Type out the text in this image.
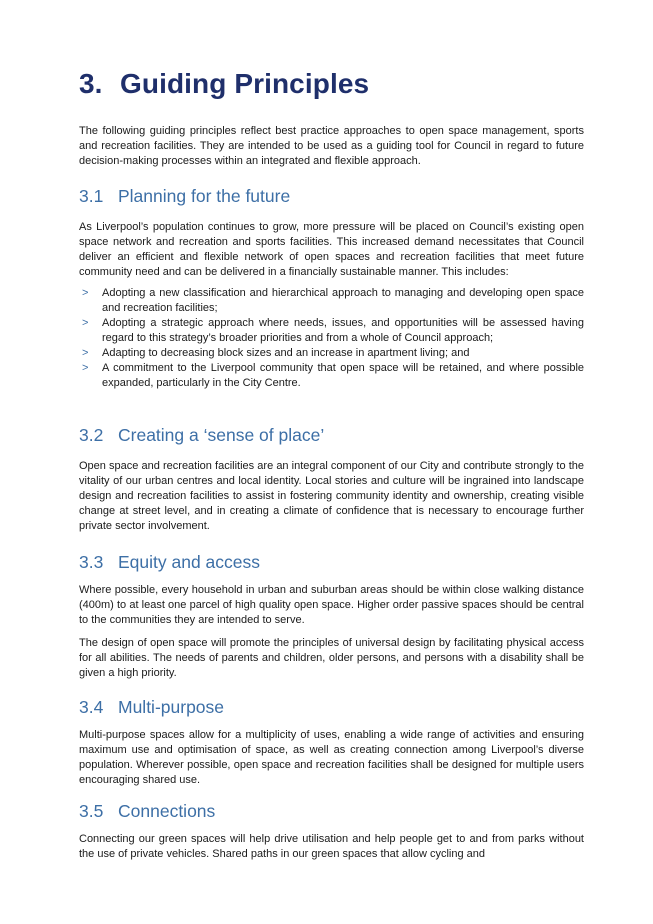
3. Guiding Principles

The following guiding principles reflect best practice approaches to open space management, sports and recreation facilities. They are intended to be used as a guiding tool for Council in regard to future decision-making processes within an integrated and flexible approach.

3.1 Planning for the future

As Liverpool’s population continues to grow, more pressure will be placed on Council’s existing open space network and recreation and sports facilities. This increased demand necessitates that Council deliver an efficient and flexible network of open spaces and recreation facilities that meet future community need and can be delivered in a financially sustainable manner. This includes:

> Adopting a new classification and hierarchical approach to managing and developing open space and recreation facilities;
> Adopting a strategic approach where needs, issues, and opportunities will be assessed having regard to this strategy’s broader priorities and from a whole of Council approach;
> Adapting to decreasing block sizes and an increase in apartment living; and
> A commitment to the Liverpool community that open space will be retained, and where possible expanded, particularly in the City Centre.
3.2 Creating a ‘sense of place’

Open space and recreation facilities are an integral component of our City and contribute strongly to the vitality of our urban centres and local identity. Local stories and culture will be ingrained into landscape design and recreation facilities to assist in fostering community identity and ownership, creating visible change at street level, and in creating a climate of confidence that is necessary to encourage further private sector involvement.

3.3 Equity and access

Where possible, every household in urban and suburban areas should be within close walking distance (400m) to at least one parcel of high quality open space. Higher order passive spaces should be central to the communities they are intended to serve.

The design of open space will promote the principles of universal design by facilitating physical access for all abilities. The needs of parents and children, older persons, and persons with a disability shall be given a high priority.

3.4 Multi-purpose

Multi-purpose spaces allow for a multiplicity of uses, enabling a wide range of activities and ensuring maximum use and optimisation of space, as well as creating connection among Liverpool’s diverse population. Wherever possible, open space and recreation facilities shall be designed for multiple users encouraging shared use.

3.5 Connections

Connecting our green spaces will help drive utilisation and help people get to and from parks without the use of private vehicles. Shared paths in our green spaces that allow cycling and
